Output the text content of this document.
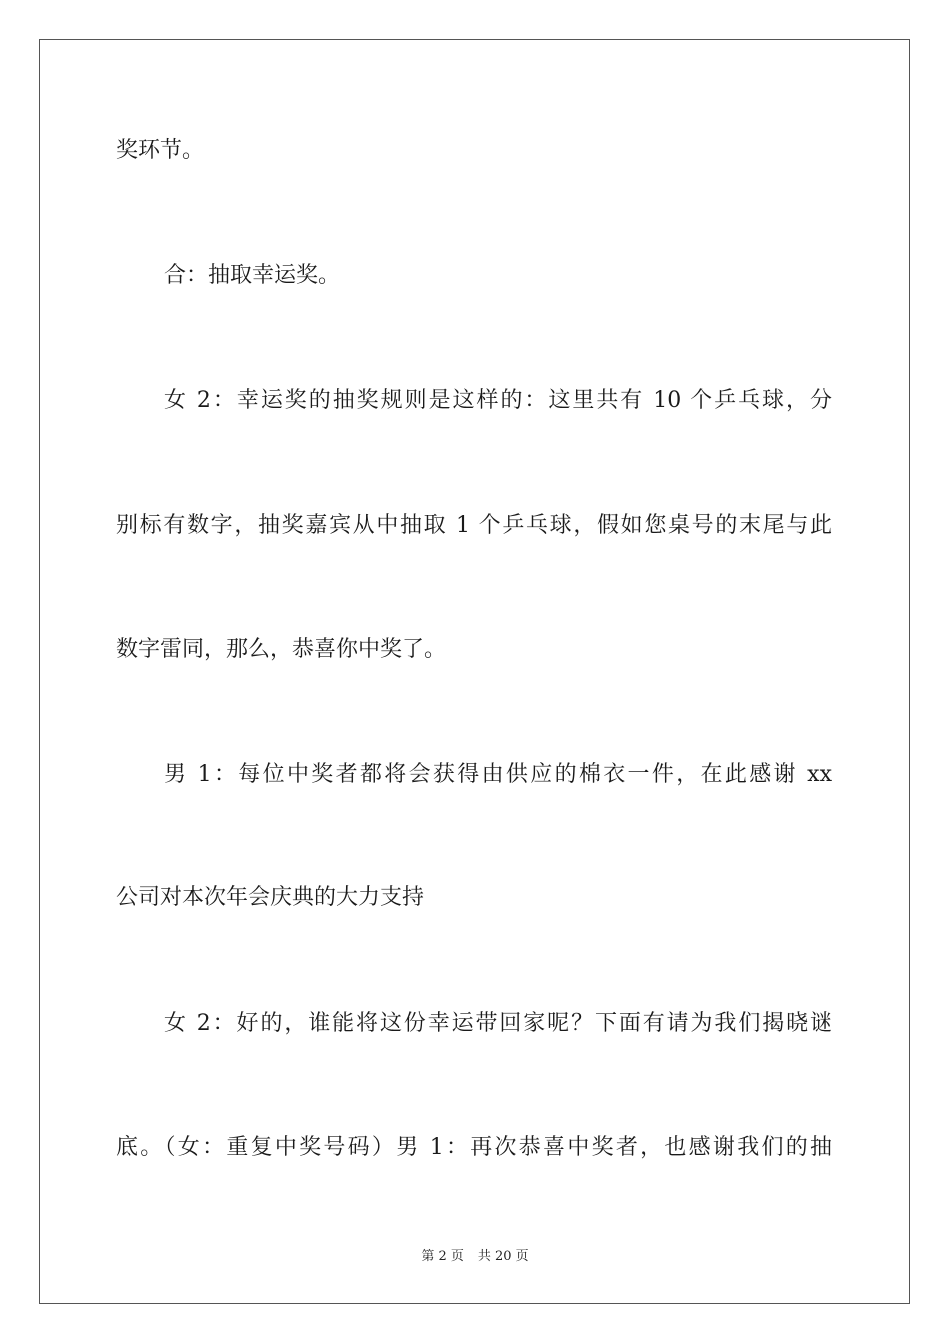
奖环节。
合：抽取幸运奖。
女 2：幸运奖的抽奖规则是这样的：这里共有 10 个乒乓球，分
别标有数字，抽奖嘉宾从中抽取 1 个乒乓球，假如您桌号的末尾与此
数字雷同，那么，恭喜你中奖了。
男 1：每位中奖者都将会获得由供应的棉衣一件，在此感谢 xx
公司对本次年会庆典的大力支持
女 2：好的，谁能将这份幸运带回家呢？下面有请为我们揭晓谜
底。（女：重复中奖号码）男 1：再次恭喜中奖者，也感谢我们的抽
第 2 页 共 20 页
